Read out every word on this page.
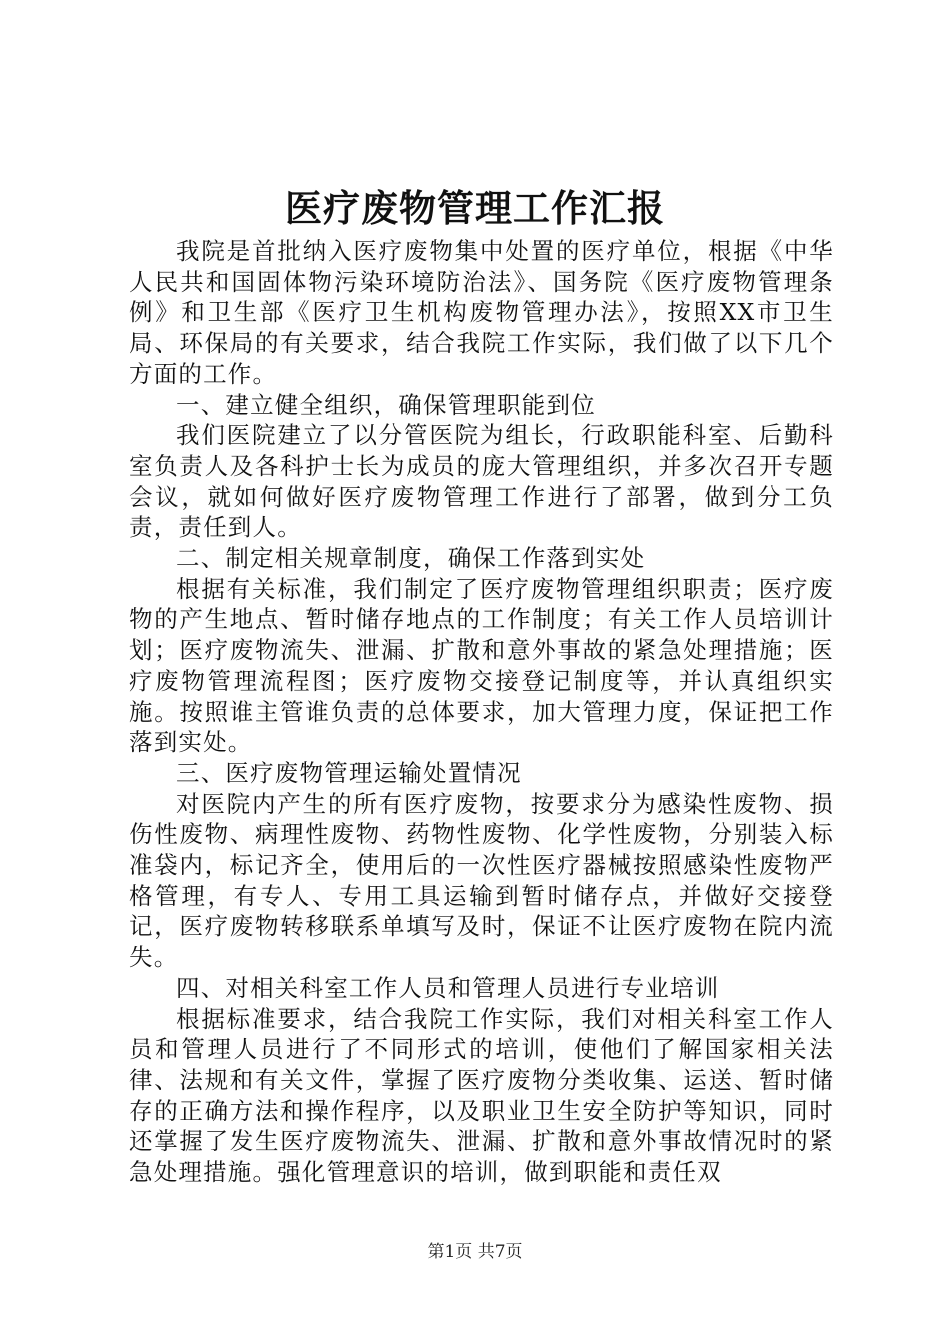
医疗废物管理工作汇报

我院是首批纳入医疗废物集中处置的医疗单位，根据《中华人民共和国固体物污染环境防治法》、国务院《医疗废物管理条例》和卫生部《医疗卫生机构废物管理办法》，按照XX市卫生局、环保局的有关要求，结合我院工作实际，我们做了以下几个方面的工作。

一、建立健全组织，确保管理职能到位

我们医院建立了以分管医院为组长，行政职能科室、后勤科室负责人及各科护士长为成员的庞大管理组织，并多次召开专题会议，就如何做好医疗废物管理工作进行了部署，做到分工负责，责任到人。

二、制定相关规章制度，确保工作落到实处

根据有关标准，我们制定了医疗废物管理组织职责；医疗废物的产生地点、暂时储存地点的工作制度；有关工作人员培训计划；医疗废物流失、泄漏、扩散和意外事故的紧急处理措施；医疗废物管理流程图；医疗废物交接登记制度等，并认真组织实施。按照谁主管谁负责的总体要求，加大管理力度，保证把工作落到实处。

三、医疗废物管理运输处置情况

对医院内产生的所有医疗废物，按要求分为感染性废物、损伤性废物、病理性废物、药物性废物、化学性废物，分别装入标准袋内，标记齐全，使用后的一次性医疗器械按照感染性废物严格管理，有专人、专用工具运输到暂时储存点，并做好交接登记，医疗废物转移联系单填写及时，保证不让医疗废物在院内流失。

四、对相关科室工作人员和管理人员进行专业培训

根据标准要求，结合我院工作实际，我们对相关科室工作人员和管理人员进行了不同形式的培训，使他们了解国家相关法律、法规和有关文件，掌握了医疗废物分类收集、运送、暂时储存的正确方法和操作程序，以及职业卫生安全防护等知识，同时还掌握了发生医疗废物流失、泄漏、扩散和意外事故情况时的紧急处理措施。强化管理意识的培训，做到职能和责任双

第1页 共7页
